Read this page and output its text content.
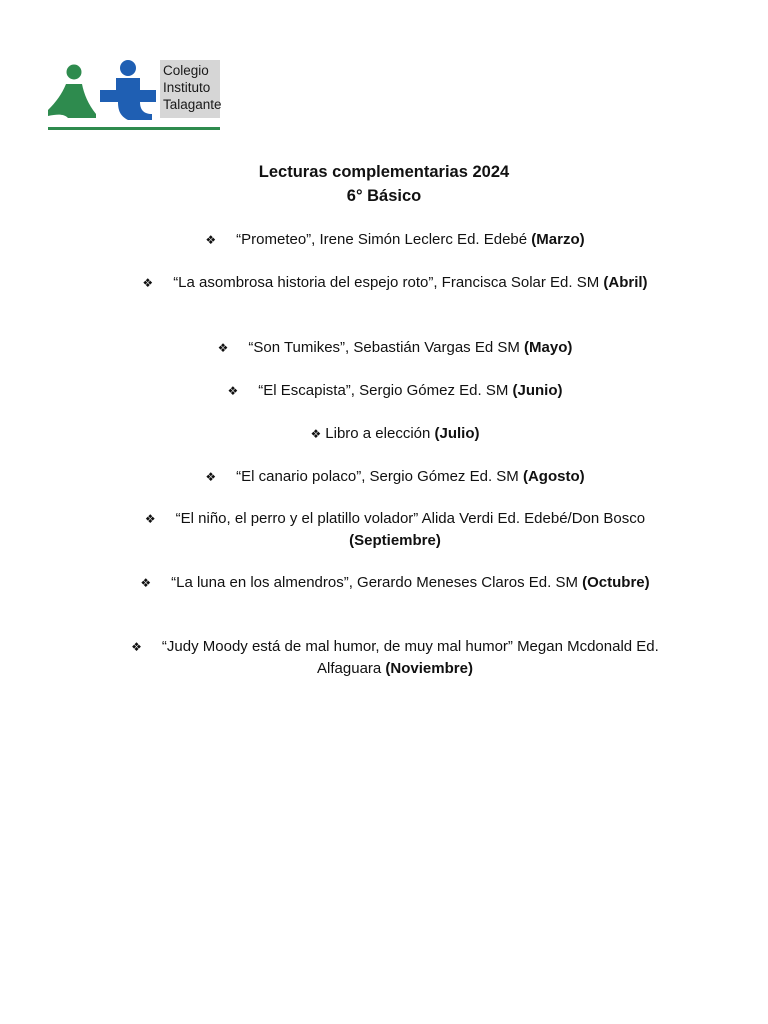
Colegio
Instituto
Talagante
Lecturas complementarias 2024
6° Básico
❖ “Prometeo”, Irene Simón Leclerc Ed. Edebé (Marzo)
❖ “La asombrosa historia del espejo roto”, Francisca Solar Ed. SM (Abril)
❖ “Son Tumikes”, Sebastián Vargas Ed SM (Mayo)
❖ “El Escapista”, Sergio Gómez Ed. SM (Junio)
❖ Libro a elección (Julio)
❖ “El canario polaco”, Sergio Gómez Ed. SM (Agosto)
❖ “El niño, el perro y el platillo volador” Alida Verdi Ed. Edebé/Don Bosco (Septiembre)
❖ “La luna en los almendros”, Gerardo Meneses Claros Ed. SM (Octubre)
❖ “Judy Moody está de mal humor, de muy mal humor” Megan Mcdonald Ed. Alfaguara (Noviembre)
